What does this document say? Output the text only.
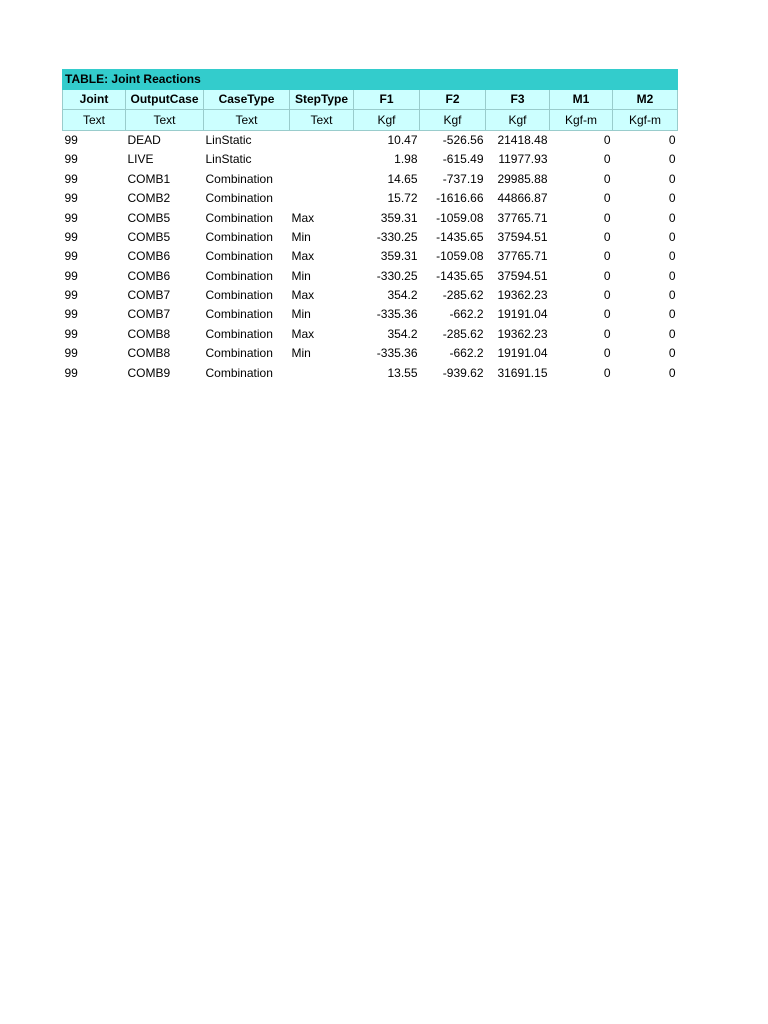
TABLE: Joint Reactions								
Joint	OutputCase	CaseType	StepType	F1	F2	F3	M1	M2
Text	Text	Text	Text	Kgf	Kgf	Kgf	Kgf-m	Kgf-m
99	DEAD	LinStatic		10.47	-526.56	21418.48	0	0
99	LIVE	LinStatic		1.98	-615.49	11977.93	0	0
99	COMB1	Combination		14.65	-737.19	29985.88	0	0
99	COMB2	Combination		15.72	-1616.66	44866.87	0	0
99	COMB5	Combination	Max	359.31	-1059.08	37765.71	0	0
99	COMB5	Combination	Min	-330.25	-1435.65	37594.51	0	0
99	COMB6	Combination	Max	359.31	-1059.08	37765.71	0	0
99	COMB6	Combination	Min	-330.25	-1435.65	37594.51	0	0
99	COMB7	Combination	Max	354.2	-285.62	19362.23	0	0
99	COMB7	Combination	Min	-335.36	-662.2	19191.04	0	0
99	COMB8	Combination	Max	354.2	-285.62	19362.23	0	0
99	COMB8	Combination	Min	-335.36	-662.2	19191.04	0	0
99	COMB9	Combination		13.55	-939.62	31691.15	0	0
